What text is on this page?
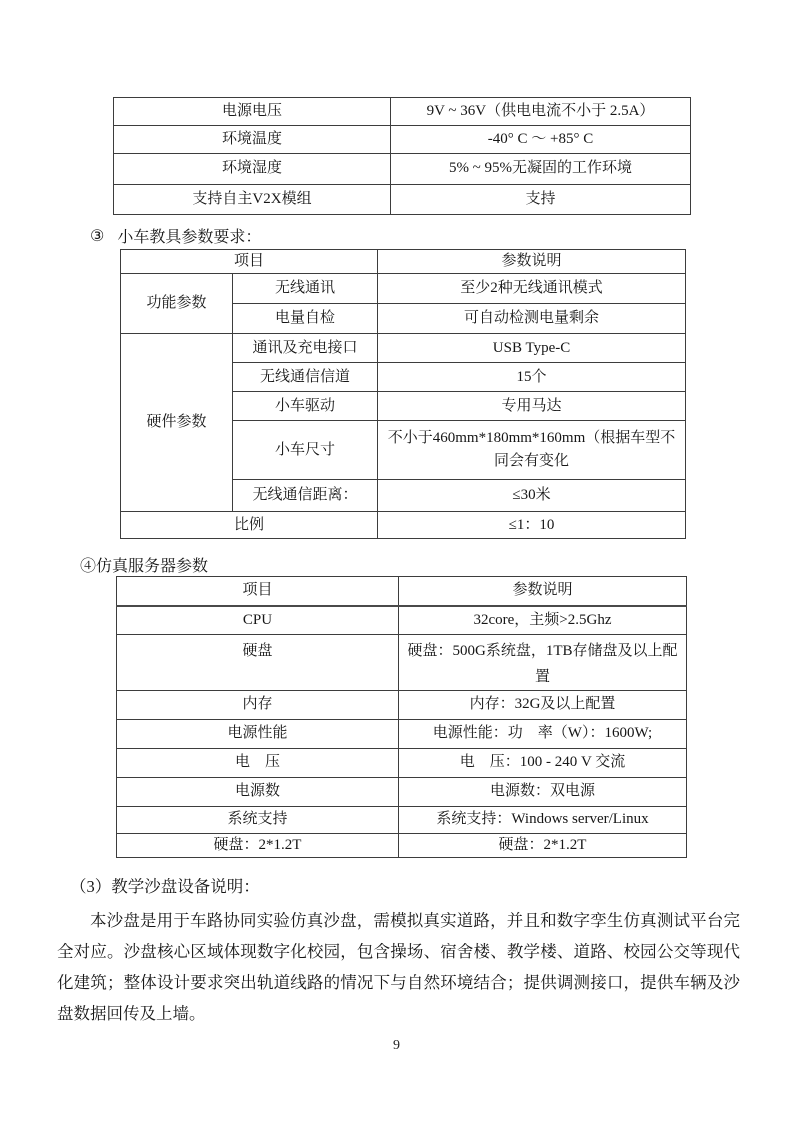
电源电压	9V ~ 36V（供电电流不小于 2.5A）
环境温度	-40° C ～ +85° C
环境湿度	5% ~ 95%无凝固的工作环境
支持自主V2X模组	支持
③ 小车教具参数要求：
项目		参数说明
功能参数	无线通讯	至少2种无线通讯模式
	电量自检	可自动检测电量剩余
硬件参数	通讯及充电接口	USB Type-C
	无线通信信道	15个
	小车驱动	专用马达
	小车尺寸	不小于460mm*180mm*160mm（根据车型不同会有变化
	无线通信距离：	≤30米
比例		≤1：10
④仿真服务器参数
项目	参数说明
CPU	32core，主频>2.5Ghz
硬盘	硬盘：500G系统盘，1TB存储盘及以上配置
内存	内存：32G及以上配置
电源性能	电源性能：功　率（W）：1600W;
电　压	电　压：100 - 240 V 交流
电源数	电源数：双电源
系统支持	系统支持：Windows server/Linux
硬盘：2*1.2T	硬盘：2*1.2T
（3）教学沙盘设备说明：

本沙盘是用于车路协同实验仿真沙盘，需模拟真实道路，并且和数字孪生仿真测试平台完全对应。沙盘核心区域体现数字化校园，包含操场、宿舍楼、教学楼、道路、校园公交等现代化建筑；整体设计要求突出轨道线路的情况下与自然环境结合；提供调测接口，提供车辆及沙盘数据回传及上墙。

9
